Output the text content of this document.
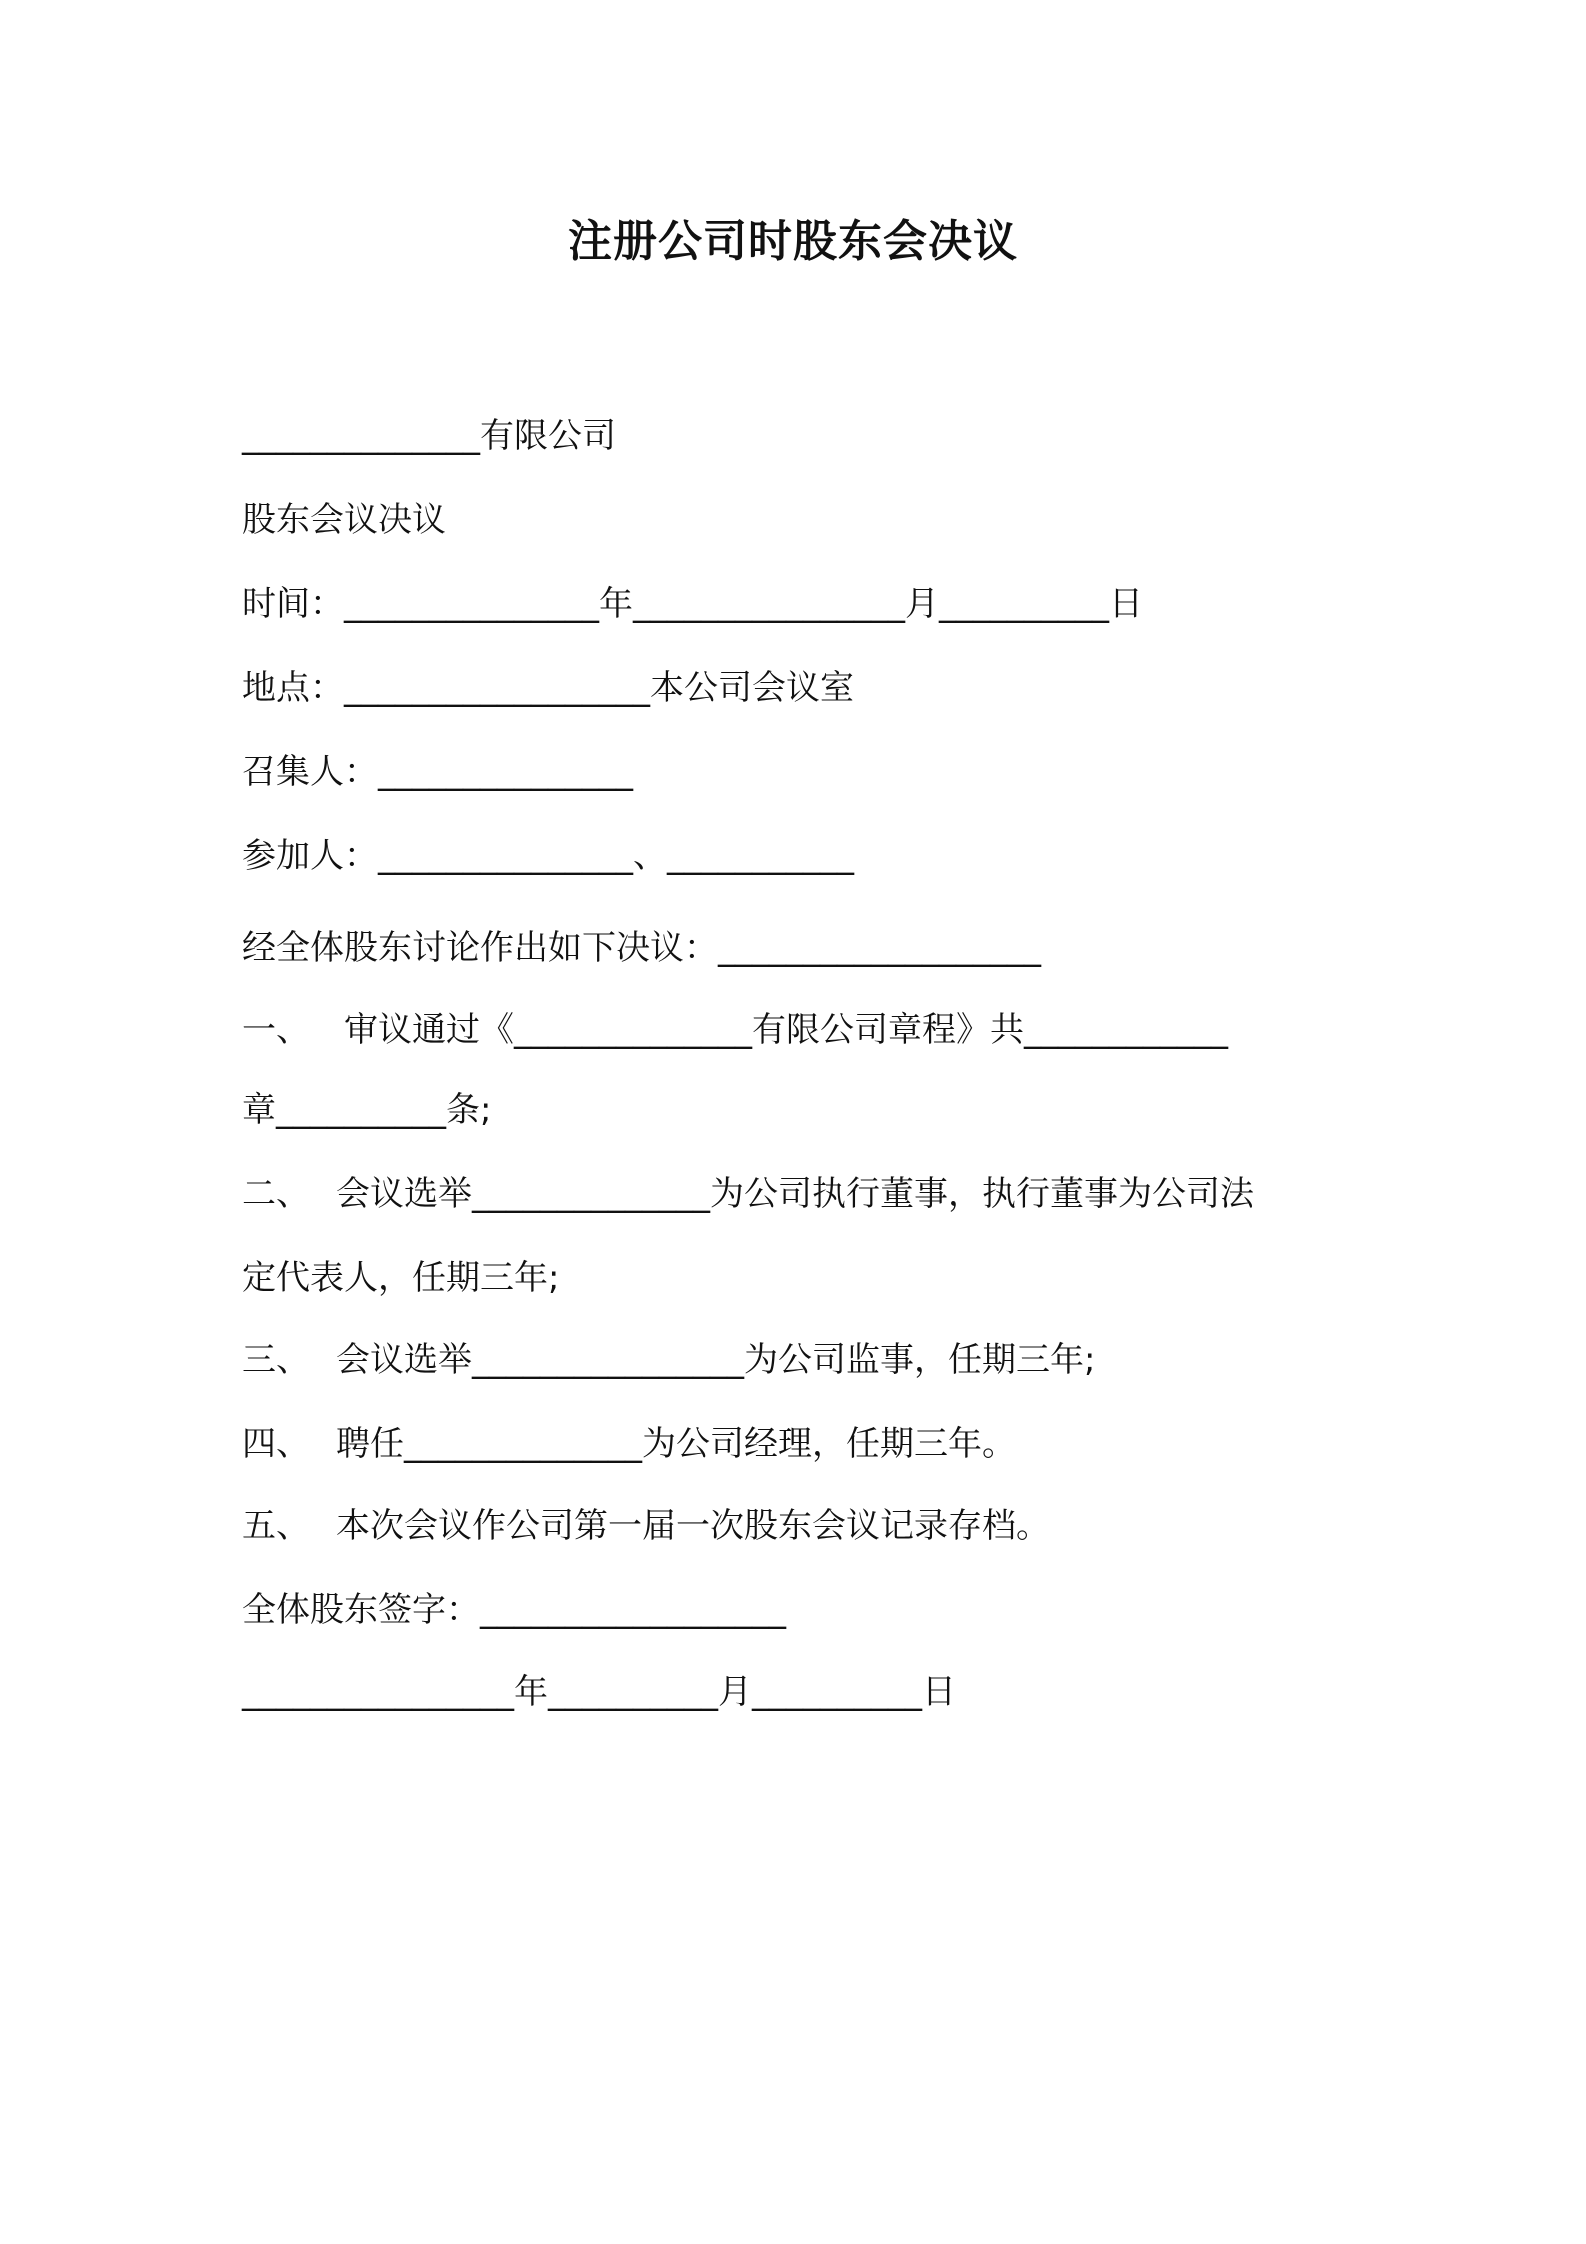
注册公司时股东会决议
______________有限公司
股东会议决议
时间：_______________年________________月__________日
地点：__________________本公司会议室
召集人：_______________
参加人：_______________、___________
经全体股东讨论作出如下决议：___________________
一、 审议通过《______________有限公司章程》共____________
章__________条;
二、 会议选举______________为公司执行董事，执行董事为公司法
定代表人，任期三年;
三、 会议选举________________为公司监事，任期三年;
四、 聘任______________为公司经理，任期三年。
五、 本次会议作公司第一届一次股东会议记录存档。
全体股东签字：__________________
________________年__________月__________日
